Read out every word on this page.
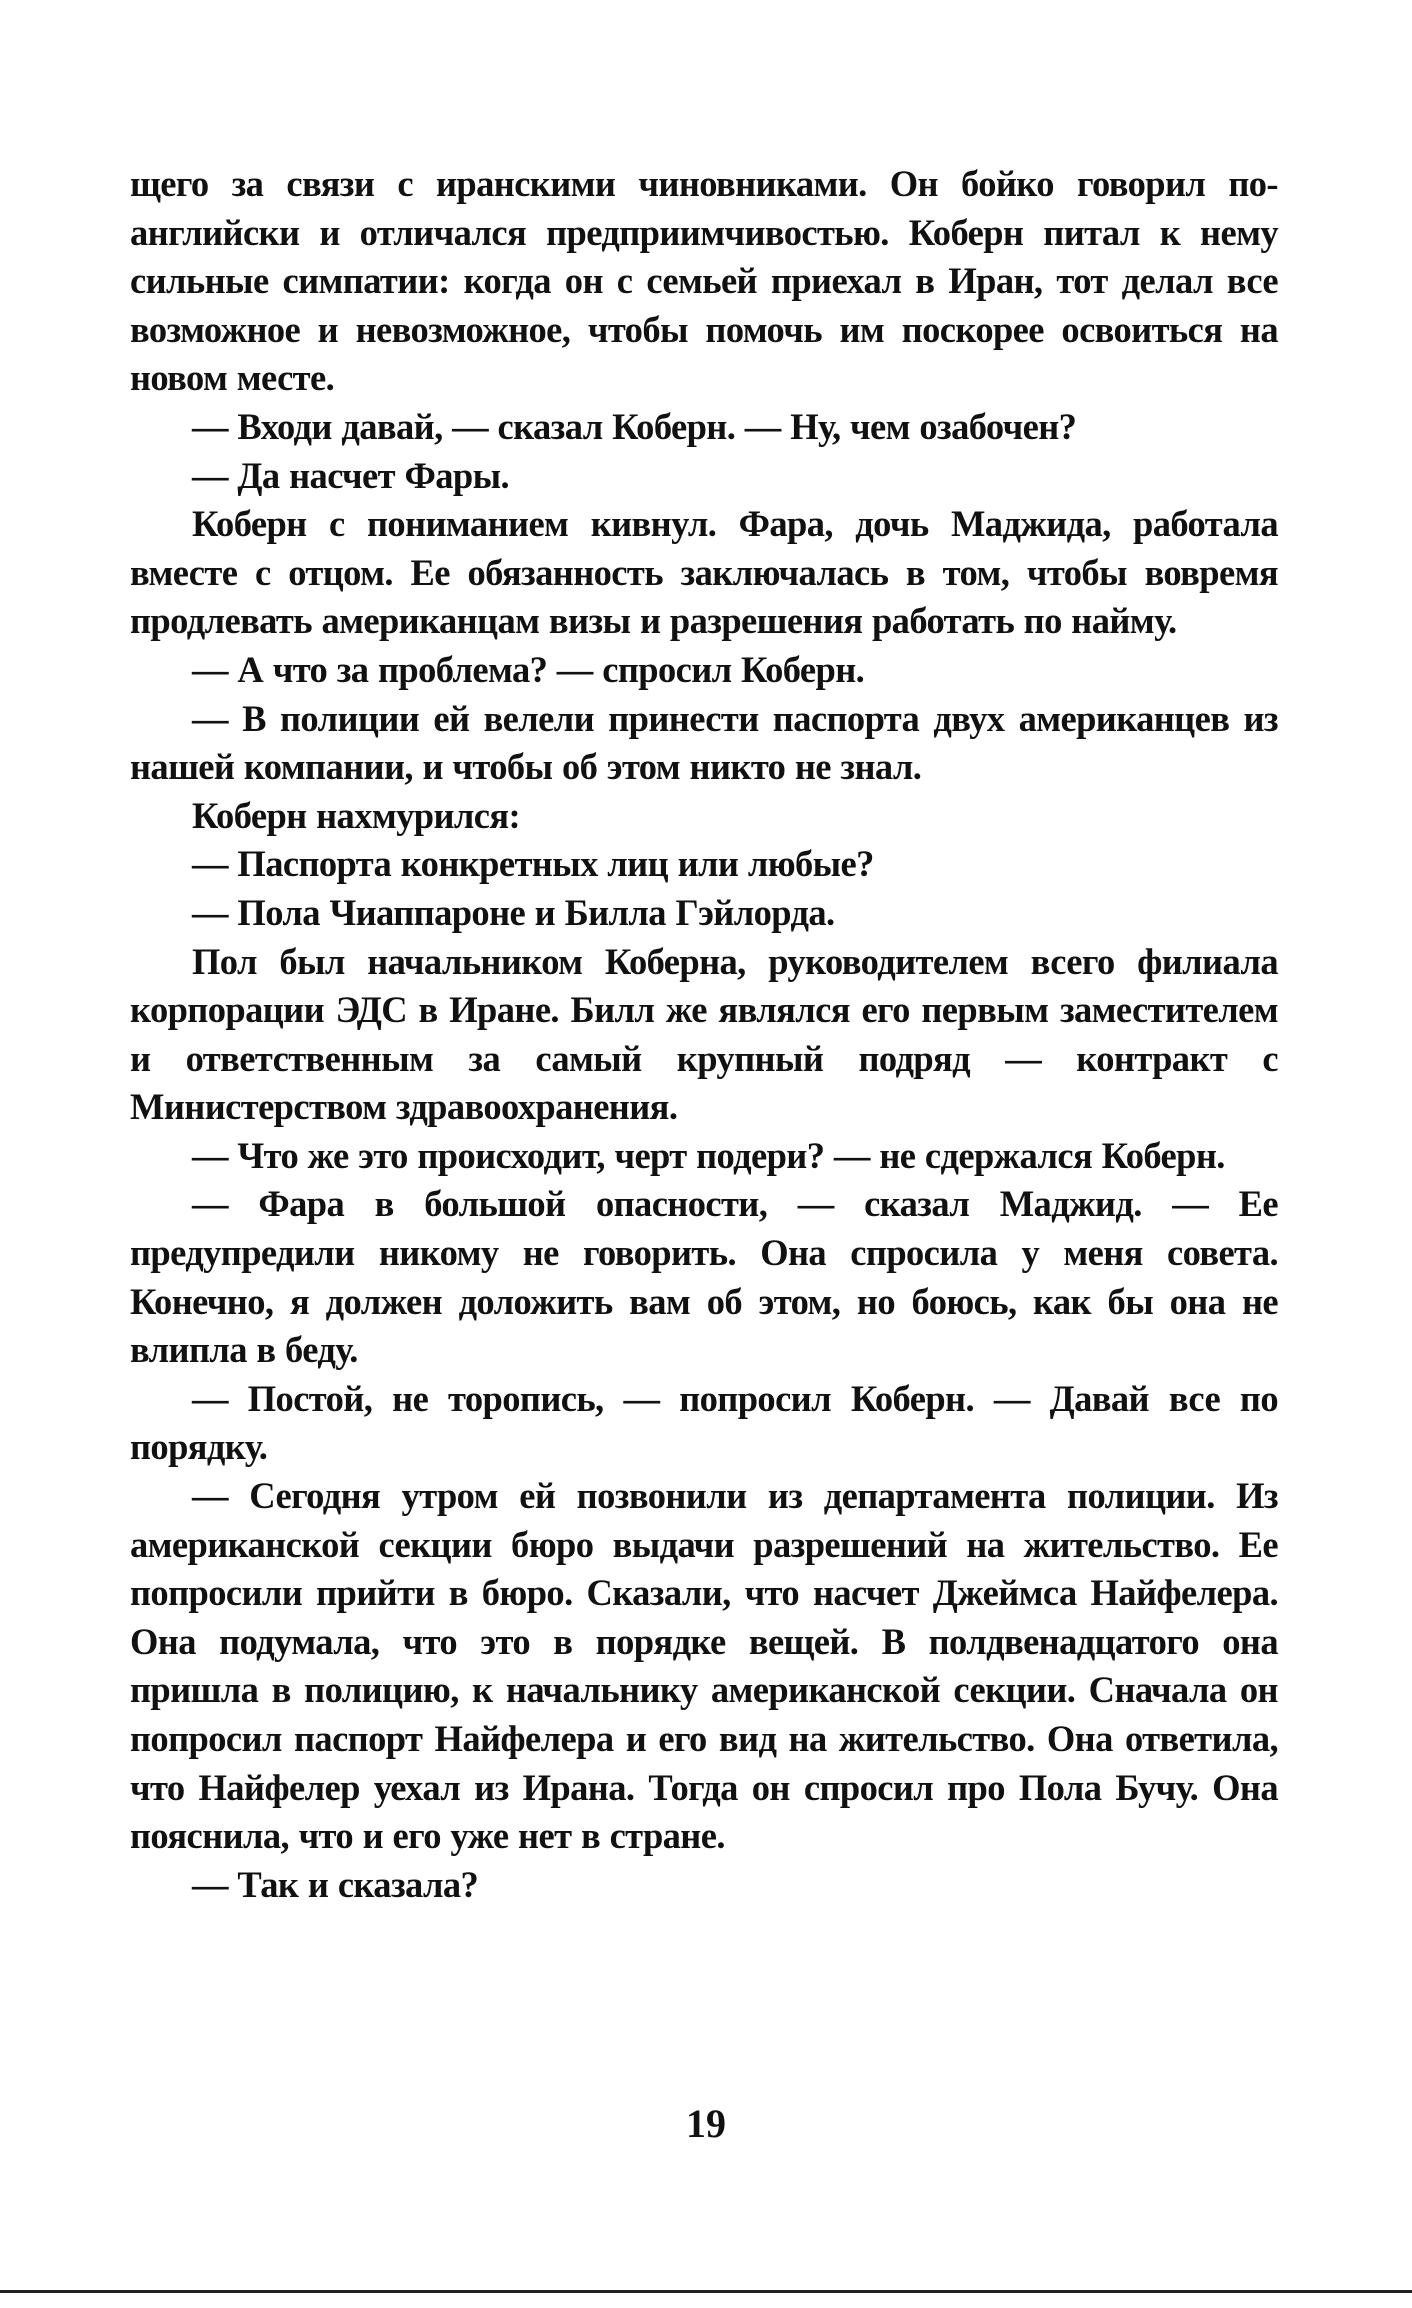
щего за связи с иранскими чиновниками. Он бойко говорил по-английски и отличался предприимчивостью. Коберн питал к нему сильные симпатии: когда он с семьей приехал в Иран, тот делал все возможное и невозможное, чтобы помочь им поскорее освоиться на новом месте.

— Входи давай, — сказал Коберн. — Ну, чем озабочен?

— Да насчет Фары.

Коберн с пониманием кивнул. Фара, дочь Маджида, работала вместе с отцом. Ее обязанность заключалась в том, чтобы вовремя продлевать американцам визы и разрешения работать по найму.

— А что за проблема? — спросил Коберн.

— В полиции ей велели принести паспорта двух американцев из нашей компании, и чтобы об этом никто не знал.

Коберн нахмурился:

— Паспорта конкретных лиц или любые?

— Пола Чиаппароне и Билла Гэйлорда.

Пол был начальником Коберна, руководителем всего филиала корпорации ЭДС в Иране. Билл же являлся его первым заместителем и ответственным за самый крупный подряд — контракт с Министерством здравоохранения.

— Что же это происходит, черт подери? — не сдержался Коберн.

— Фара в большой опасности, — сказал Маджид. — Ее предупредили никому не говорить. Она спросила у меня совета. Конечно, я должен доложить вам об этом, но боюсь, как бы она не влипла в беду.

— Постой, не торопись, — попросил Коберн. — Давай все по порядку.

— Сегодня утром ей позвонили из департамента полиции. Из американской секции бюро выдачи разрешений на жительство. Ее попросили прийти в бюро. Сказали, что насчет Джеймса Найфелера. Она подумала, что это в порядке вещей. В полдвенадцатого она пришла в полицию, к начальнику американской секции. Сначала он попросил паспорт Найфелера и его вид на жительство. Она ответила, что Найфелер уехал из Ирана. Тогда он спросил про Пола Бучу. Она пояснила, что и его уже нет в стране.

— Так и сказала?

19
